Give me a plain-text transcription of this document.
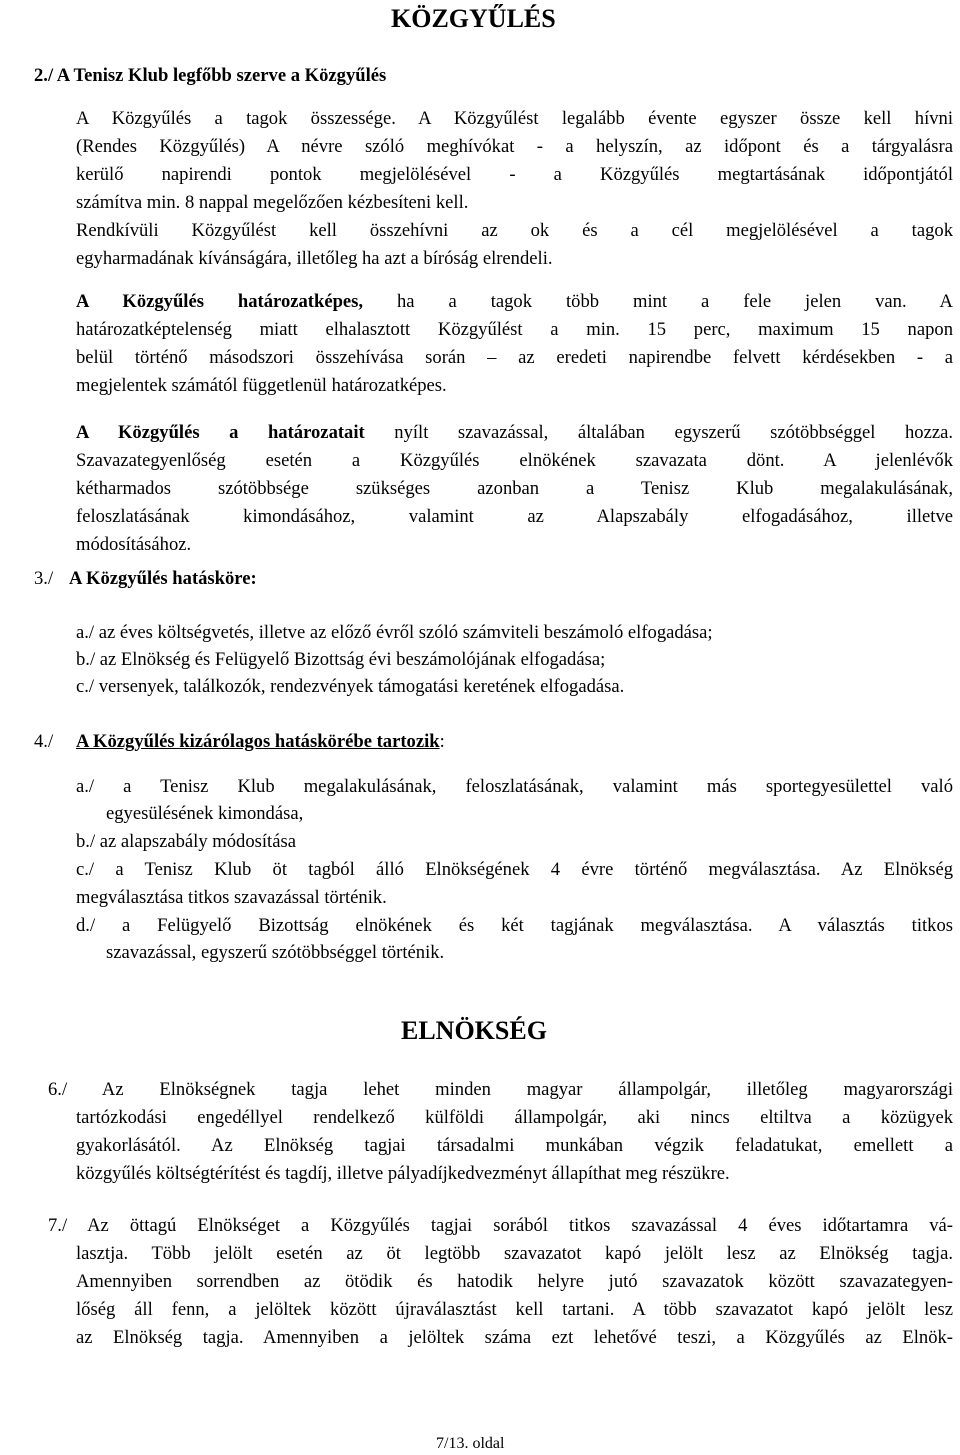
KÖZGYŰLÉS
2./ A Tenisz Klub legfőbb szerve a Közgyűlés
A Közgyűlés a tagok összessége. A Közgyűlést legalább évente egyszer össze kell hívni
(Rendes Közgyűlés) A névre szóló meghívókat - a helyszín, az időpont és a tárgyalásra
kerülő napirendi pontok megjelölésével - a Közgyűlés megtartásának időpontjától
számítva min. 8 nappal megelőzően kézbesíteni kell.
Rendkívüli Közgyűlést kell összehívni az ok és a cél megjelölésével a tagok
egyharmadának kívánságára, illetőleg ha azt a bíróság elrendeli.
A Közgyűlés határozatképes, ha a tagok több mint a fele jelen van. A
határozatképtelenség miatt elhalasztott Közgyűlést a min. 15 perc, maximum 15 napon
belül történő másodszori összehívása során – az eredeti napirendbe felvett kérdésekben - a
megjelentek számától függetlenül határozatképes.
A Közgyűlés a határozatait nyílt szavazással, általában egyszerű szótöbbséggel hozza.
Szavazategyenlőség esetén a Közgyűlés elnökének szavazata dönt. A jelenlévők
kétharmados szótöbbsége szükséges azonban a Tenisz Klub megalakulásának,
feloszlatásának kimondásához, valamint az Alapszabály elfogadásához, illetve
módosításához.
3./ A Közgyűlés hatásköre:
a./ az éves költségvetés, illetve az előző évről szóló számviteli beszámoló elfogadása;
b./ az Elnökség és Felügyelő Bizottság évi beszámolójának elfogadása;
c./ versenyek, találkozók, rendezvények támogatási keretének elfogadása.
4./ A Közgyűlés kizárólagos hatáskörébe tartozik:
a./ a Tenisz Klub megalakulásának, feloszlatásának, valamint más sportegyesülettel való
egyesülésének kimondása,
b./ az alapszabály módosítása
c./ a Tenisz Klub öt tagból álló Elnökségének 4 évre történő megválasztása. Az Elnökség
megválasztása titkos szavazással történik.
d./ a Felügyelő Bizottság elnökének és két tagjának megválasztása. A választás titkos
szavazással, egyszerű szótöbbséggel történik.
ELNÖKSÉG
6./ Az Elnökségnek tagja lehet minden magyar állampolgár, illetőleg magyarországi
tartózkodási engedéllyel rendelkező külföldi állampolgár, aki nincs eltiltva a közügyek
gyakorlásától. Az Elnökség tagjai társadalmi munkában végzik feladatukat, emellett a
közgyűlés költségtérítést és tagdíj, illetve pályadíjkedvezményt állapíthat meg részükre.
7./ Az öttagú Elnökséget a Közgyűlés tagjai sorából titkos szavazással 4 éves időtartamra vá-
lasztja. Több jelölt esetén az öt legtöbb szavazatot kapó jelölt lesz az Elnökség tagja.
Amennyiben sorrendben az ötödik és hatodik helyre jutó szavazatok között szavazategyen-
lőség áll fenn, a jelöltek között újraválasztást kell tartani. A több szavazatot kapó jelölt lesz
az Elnökség tagja. Amennyiben a jelöltek száma ezt lehetővé teszi, a Közgyűlés az Elnök-
7/13. oldal
